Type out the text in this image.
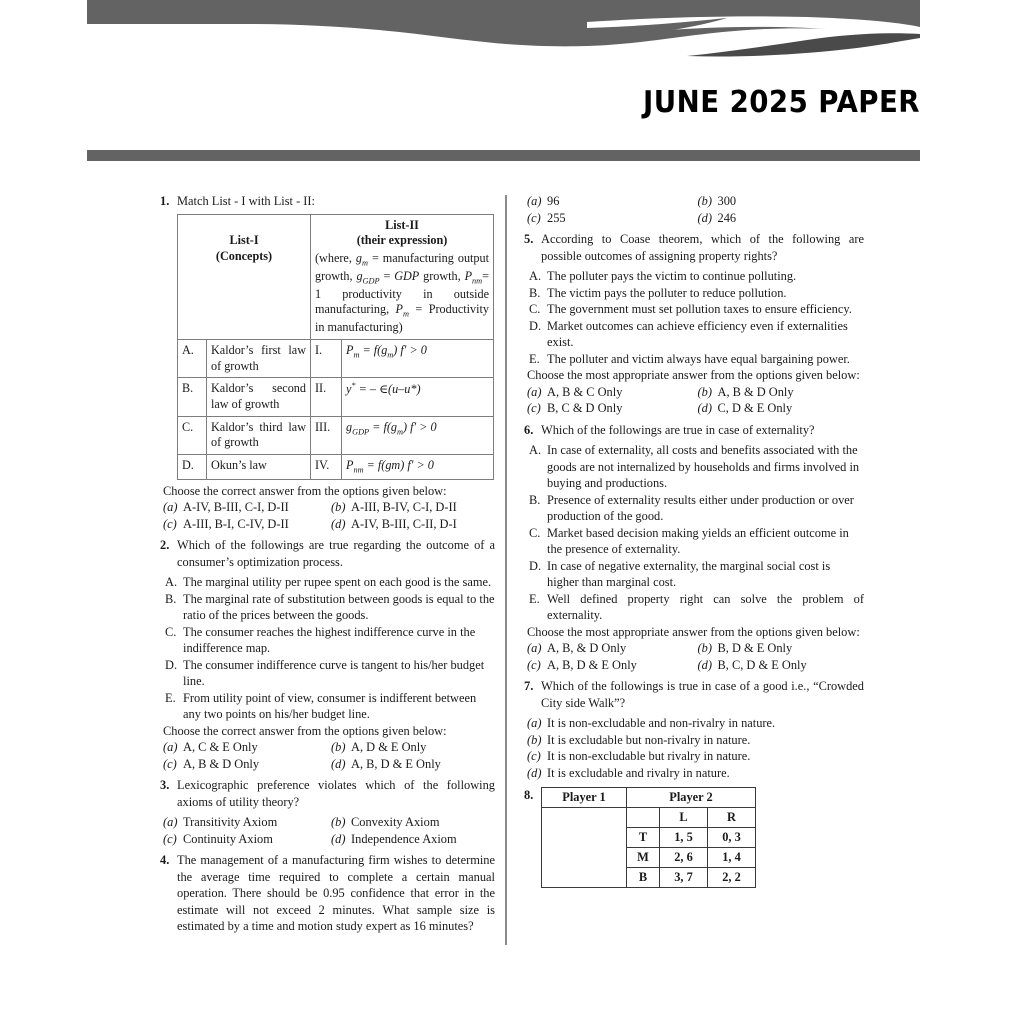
JUNE 2025 PAPER
1. Match List - I with List - II:

List-I
(Concepts)

List-II
(their expression)
(where, $g_m$ = manufacturing output growth, $g_{GDP}$ = GDP growth, $P_{nm}= 1$ productivity in outside manufacturing, $P_m$ = Productivity in manufacturing)

A.	Kaldor’s first law of growth	I.	$P_m = f(g_m) f' > 0$
B.	Kaldor’s second law of growth	II.	y* = – ∈(u–u*)
C.	Kaldor’s third law of growth	III.	$g_{GDP} = f(g_m) f' > 0$
D.	Okun’s law	IV.	$P_{nm} = f(gm) f' > 0$
Choose the correct answer from the options given below:
(a) A-IV, B-III, C-I, D-II	(b) A-III, B-IV, C-I, D-II
(c) A-III, B-I, C-IV, D-II	(d) A-IV, B-III, C-II, D-I
2. Which of the followings are true regarding the outcome of a consumer’s optimization process.
A. The marginal utility per rupee spent on each good is the same.
B. The marginal rate of substitution between goods is equal to the ratio of the prices between the goods.
C. The consumer reaches the highest indifference curve in the indifference map.
D. The consumer indifference curve is tangent to his/her budget line.
E. From utility point of view, consumer is indifferent between any two points on his/her budget line.
Choose the correct answer from the options given below:
(a) A, C & E Only	(b) A, D & E Only
(c) A, B & D Only	(d) A, B, D & E Only
3. Lexicographic preference violates which of the following axioms of utility theory?
(a) Transitivity Axiom	(b) Convexity Axiom
(c) Continuity Axiom	(d) Independence Axiom
4. The management of a manufacturing firm wishes to determine the average time required to complete a certain manual operation. There should be 0.95 confidence that error in the estimate will not exceed 2 minutes. What sample size is estimated by a time and motion study expert as 16 minutes?
(a) 96	(b) 300
(c) 255	(d) 246
5. According to Coase theorem, which of the following are possible outcomes of assigning property rights?
A. The polluter pays the victim to continue polluting.
B. The victim pays the polluter to reduce pollution.
C. The government must set pollution taxes to ensure efficiency.
D. Market outcomes can achieve efficiency even if externalities exist.
E. The polluter and victim always have equal bargaining power.
Choose the most appropriate answer from the options given below:
(a) A, B & C Only	(b) A, B & D Only
(c) B, C & D Only	(d) C, D & E Only
6. Which of the followings are true in case of externality?
A. In case of externality, all costs and benefits associated with the goods are not internalized by households and firms involved in buying and productions.
B. Presence of externality results either under production or over production of the good.
C. Market based decision making yields an efficient outcome in the presence of externality.
D. In case of negative externality, the marginal social cost is higher than marginal cost.
E. Well defined property right can solve the problem of externality.
Choose the most appropriate answer from the options given below:
(a) A, B, & D Only	(b) B, D & E Only
(c) A, B, D & E Only	(d) B, C, D & E Only
7. Which of the followings is true in case of a good i.e., “Crowded City side Walk”?
(a) It is non-excludable and non-rivalry in nature.
(b) It is excludable but non-rivalry in nature.
(c) It is non-excludable but rivalry in nature.
(d) It is excludable and rivalry in nature.
8. Player 1	Player 2		
		L	R
	T	1, 5	0, 3
	M	2, 6	1, 4
	B	3, 7	2, 2
